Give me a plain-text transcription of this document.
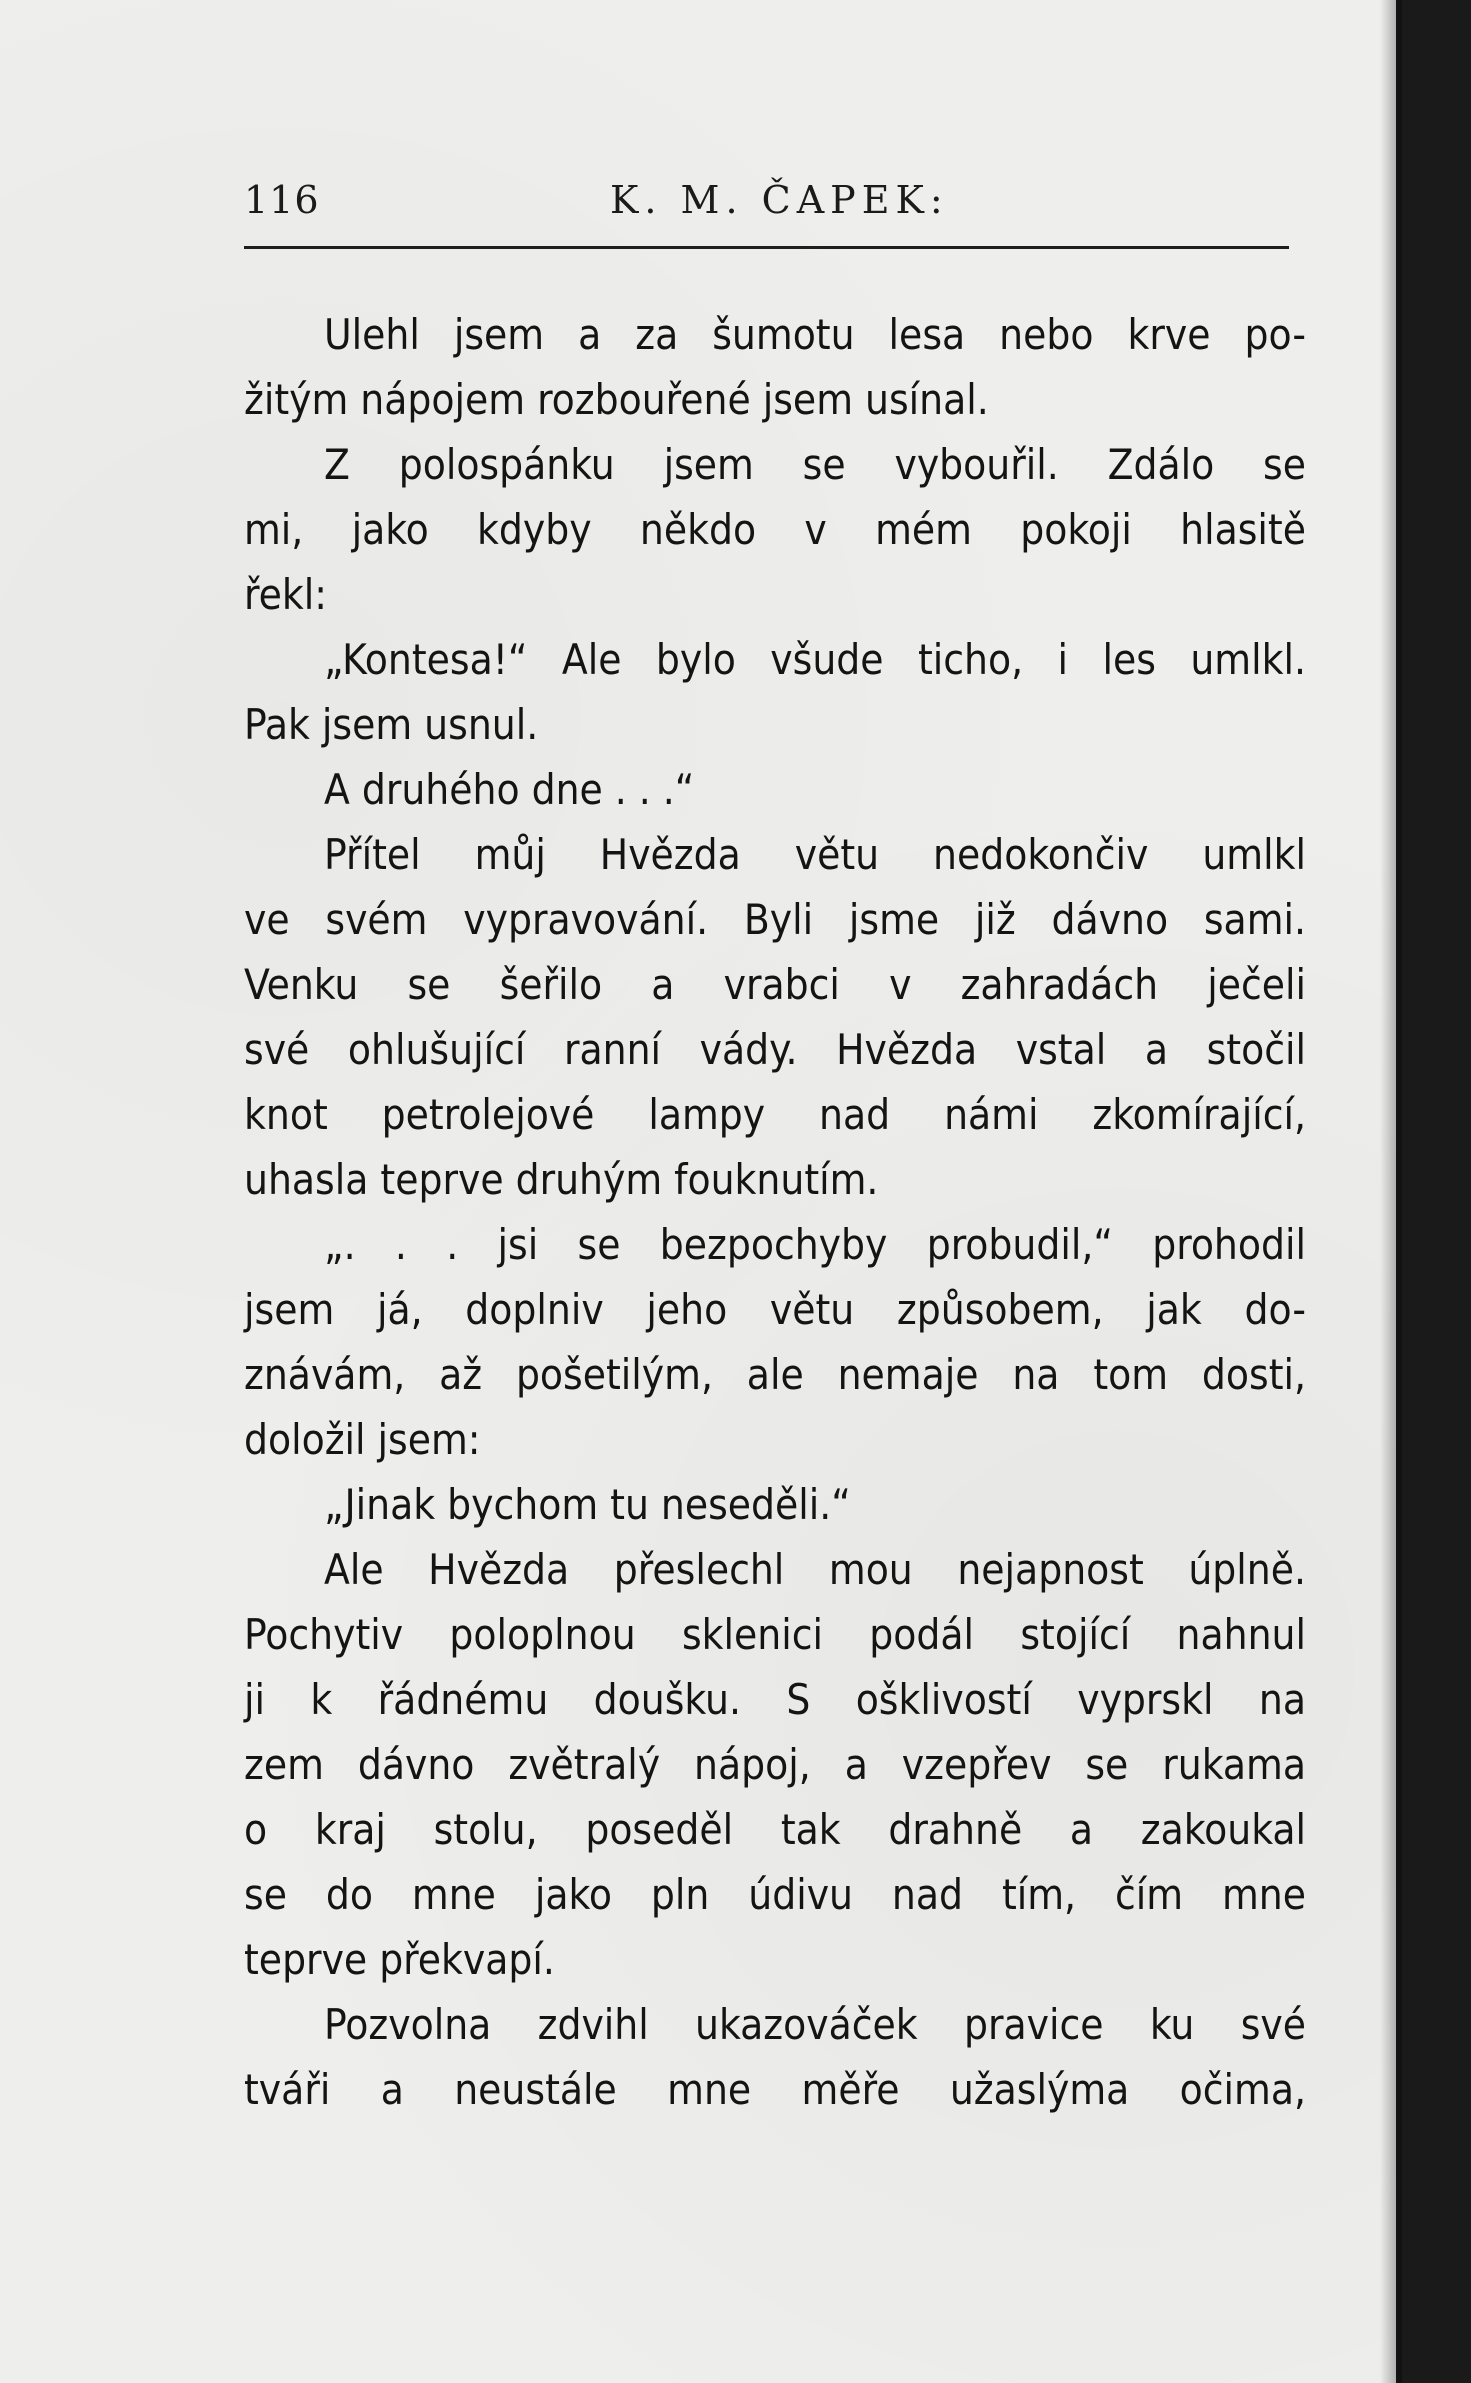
116	K. M. ČAPEK:
Ulehl jsem a za šumotu lesa nebo krve po-
žitým nápojem rozbouřené jsem usínal.
Z polospánku jsem se vybouřil. Zdálo se
mi, jako kdyby někdo v mém pokoji hlasitě
řekl:
„Kontesa!“ Ale bylo všude ticho, i les umlkl.
Pak jsem usnul.
A druhého dne . . .“
Přítel můj Hvězda větu nedokončiv umlkl
ve svém vypravování. Byli jsme již dávno sami.
Venku se šeřilo a vrabci v zahradách ječeli
své ohlušující ranní vády. Hvězda vstal a stočil
knot petrolejové lampy nad námi zkomírající,
uhasla teprve druhým fouknutím.
„. . . jsi se bezpochyby probudil,“ prohodil
jsem já, doplniv jeho větu způsobem, jak do-
znávám, až pošetilým, ale nemaje na tom dosti,
doložil jsem:
„Jinak bychom tu neseděli.“
Ale Hvězda přeslechl mou nejapnost úplně.
Pochytiv poloplnou sklenici podál stojící nahnul
ji k řádnému doušku. S ošklivostí vyprskl na
zem dávno zvětralý nápoj, a vzepřev se rukama
o kraj stolu, poseděl tak drahně a zakoukal
se do mne jako pln údivu nad tím, čím mne
teprve překvapí.
Pozvolna zdvihl ukazováček pravice ku své
tváři a neustále mne měře užaslýma očima,
